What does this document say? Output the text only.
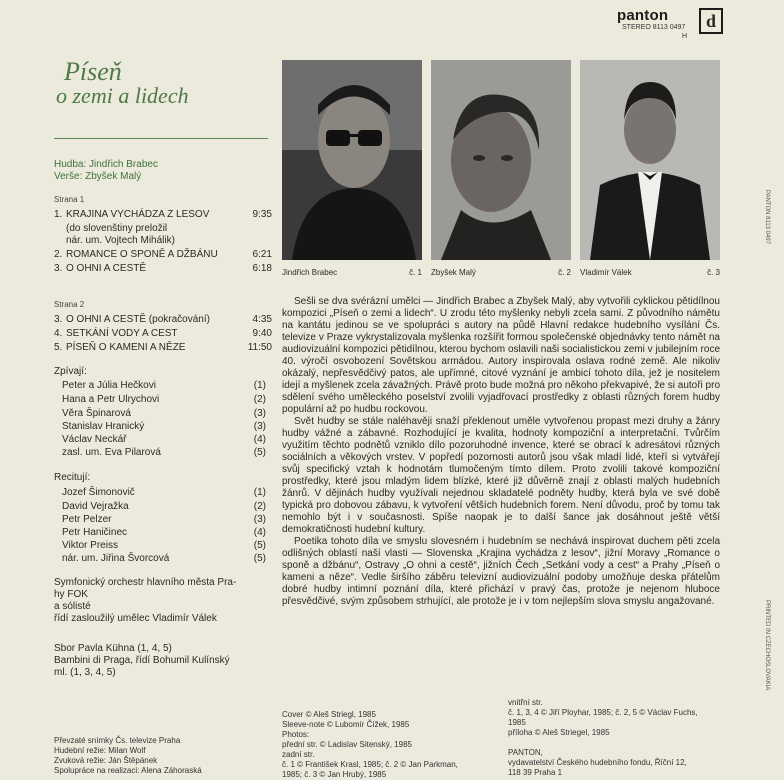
panton	d
STEREO 8113 0497
H
Píseň
o zemi a lidech
Hudba: Jindřich Brabec
Verše: Zbyšek Malý
Strana 1
1. KRAJINA VYCHÁDZA Z LESOV	9:35
(do slovenštiny preložil
nár. um. Vojtech Mihálik)
2. ROMANCE O SPONĚ A DŽBÁNU	6:21
3. O OHNI A CESTĚ	6:18
Strana 2
3. O OHNI A CESTĚ (pokračování)	4:35
4. SETKÁNÍ VODY A CEST	9:40
5. PÍSEŇ O KAMENI A NĚZE	11:50
Zpívají:
Peter a Júlia Hečkovi	(1)
Hana a Petr Ulrychovi	(2)
Věra Špinarová	(3)
Stanislav Hranický	(3)
Václav Neckář	(4)
zasl. um. Eva Pilarová	(5)
Recitují:
Jozef Šimonovič	(1)
David Vejražka	(2)
Petr Pelzer	(3)
Petr Haničinec	(4)
Viktor Preiss	(5)
nár. um. Jiřina Švorcová	(5)
Symfonický orchestr hlavního města Pra-
hy FOK
a sólisté
řídí zasloužilý umělec Vladimír Válek
Sbor Pavla Kühna (1, 4, 5)
Bambini di Praga, řídí Bohumil Kulínský
ml. (1, 3, 4, 5)
Jindřich Brabec	č. 1 Zbyšek Malý	č. 2 Vladimír Válek	č. 3

Sešli se dva svérázní umělci — Jindřich Brabec a Zbyšek Malý, aby vytvořili cyklickou pětidílnou kompozici „Píseň o zemi a lidech“. U zrodu této myšlenky nebyli zcela sami. Z původního námětu na kantátu jedinou se ve spolupráci s autory na půdě Hlavní redakce hudebního vysílání Čs. televize v Praze vykrystalizovala myšlenka rozšířit formou společenské objednávky tento námět na audiovizuální kompozici pětidílnou, kterou bychom oslavili naši socialistickou zemi v jubilejním roce 40. výročí osvobození Sovětskou armádou. Autory inspirovala oslava rodné země. Ale nikoliv okázalý, nepřesvědčivý patos, ale upřímné, citové vyznání je ambicí tohoto díla, jež je nositelem idejí a myšlenek zcela závažných. Právě proto bude možná pro někoho překvapivé, že si autoři pro sdělení svého uměleckého poselství zvolili vyjadřovací prostředky z oblasti různých forem hudby populární až po hudbu rockovou.

Svět hudby se stále naléhavěji snaží překlenout uměle vytvořenou propast mezi druhy a žánry hudby vážné a zábavné. Rozhodující je kvalita, hodnoty kompoziční a interpretační. Tvůrčím využitím těchto podnětů vzniklo dílo pozoruhodné invence, které se obrací k adresátovi různých sociálních a věkových vrstev. V popředí pozornosti autorů jsou však mladí lidé, kteří si vytvářejí svůj specifický vztah k hodnotám tlumočeným tímto dílem. Proto zvolili takové kompoziční prostředky, které jsou mladým lidem blízké, které již důvěrně znají z oblasti malých hudebních žánrů. V dějinách hudby využívali nejednou skladatelé podněty hudby, která byla ve své době typická pro dobovou zábavu, k vytvoření větších hudebních forem. Není důvodu, proč by tomu tak nemohlo být i v současnosti. Spíše naopak je to další šance jak dosáhnout ještě větší demokratičnosti hudební kultury.

Poetika tohoto díla ve smyslu slovesném i hudebním se nechává inspirovat duchem pěti zcela odlišných oblastí naší vlasti — Slovenska „Krajina vychádza z lesov“, jižní Moravy „Romance o sponě a džbánu“, Ostravy „O ohni a cestě“, jižních Čech „Setkání vody a cest“ a Prahy „Píseň o kameni a něze“. Vedle širšího záběru televizní audiovizuální podoby umožňuje deska přátelům dobré hudby intimní poznání díla, které přichází v pravý čas, protože je nejenom hluboce přesvědčivé, svým způsobem strhující, ale protože je i v tom nejlepším slova smyslu angažované.

Převzaté snímky Čs. televize Praha
Hudební režie: Milan Wolf
Zvuková režie: Ján Štěpánek
Spolupráce na realizaci: Alena Záhoraská
Cover © Aleš Striegl, 1985
Sleeve-note © Lubomír Čížek, 1985
Photos:
přední str. © Ladislav Sitenský, 1985
zadní str.
č. 1 © František Krasl, 1985; č. 2 © Jan Parkman,
1985; č. 3 © Jan Hrubý, 1985
vnitřní str.
č. 1, 3, 4 © Jiří Ployhar, 1985; č. 2, 5 © Václav Fuchs,
1985
příloha © Aleš Striegel, 1985
PANTON,
vydavatelství Českého hudebního fondu, Říční 12,
118 39 Praha 1
PANTON 8113 0497
PRINTED IN CZECHOSLOVAKIA
